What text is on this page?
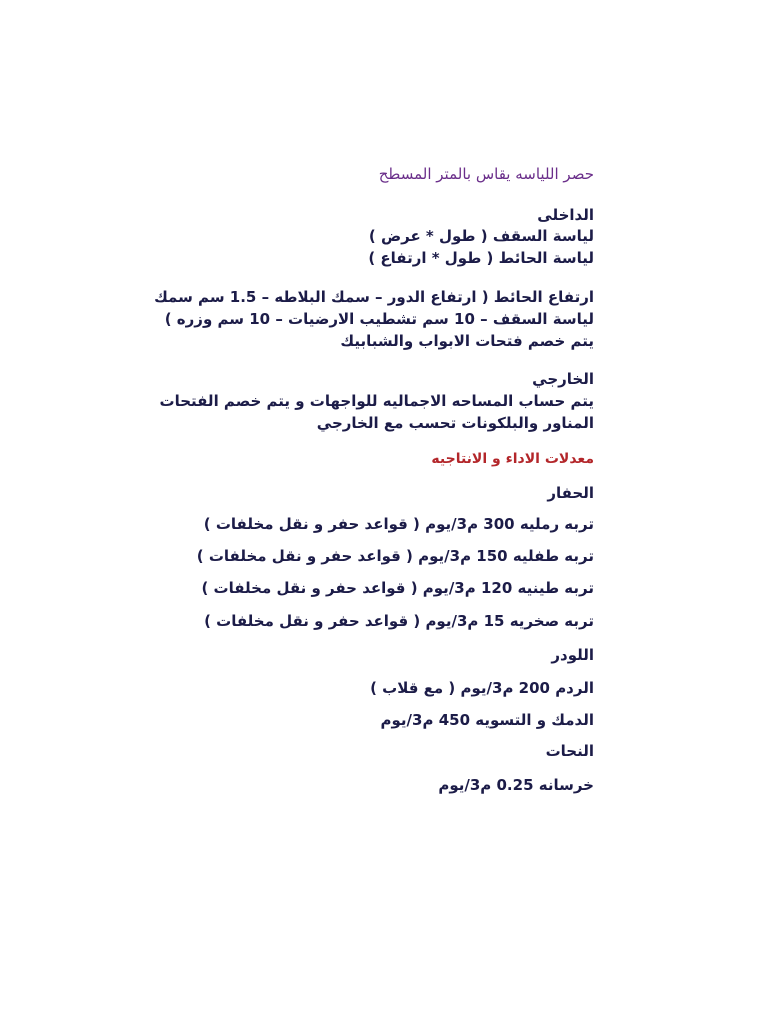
حصر اللياسه يقاس بالمتر المسطح
الداخلى
لياسة السقف ( طول * عرض )
لياسة الحائط ( طول * ارتفاع )
ارتفاع الحائط ( ارتفاع الدور – سمك البلاطه – 1.5 سم سمك
لياسة السقف – 10 سم تشطيب الارضيات – 10 سم وزره )
يتم خصم فتحات الابواب والشبابيك
الخارجي
يتم حساب المساحه الاجماليه للواجهات و يتم خصم الفتحات
المناور والبلكونات تحسب مع الخارجي
معدلات الاداء و الانتاجيه
الحفار
تربه رمليه 300 م3/يوم ( قواعد حفر و نقل مخلفات )
تربه طفليه 150 م3/يوم ( قواعد حفر و نقل مخلفات )
تربه طينيه 120 م3/يوم ( قواعد حفر و نقل مخلفات )
تربه صخريه 15 م3/يوم ( قواعد حفر و نقل مخلفات )
اللودر
الردم 200 م3/يوم ( مع قلاب )
الدمك و التسويه 450 م3/يوم
النحات
خرسانه 0.25 م3/يوم
